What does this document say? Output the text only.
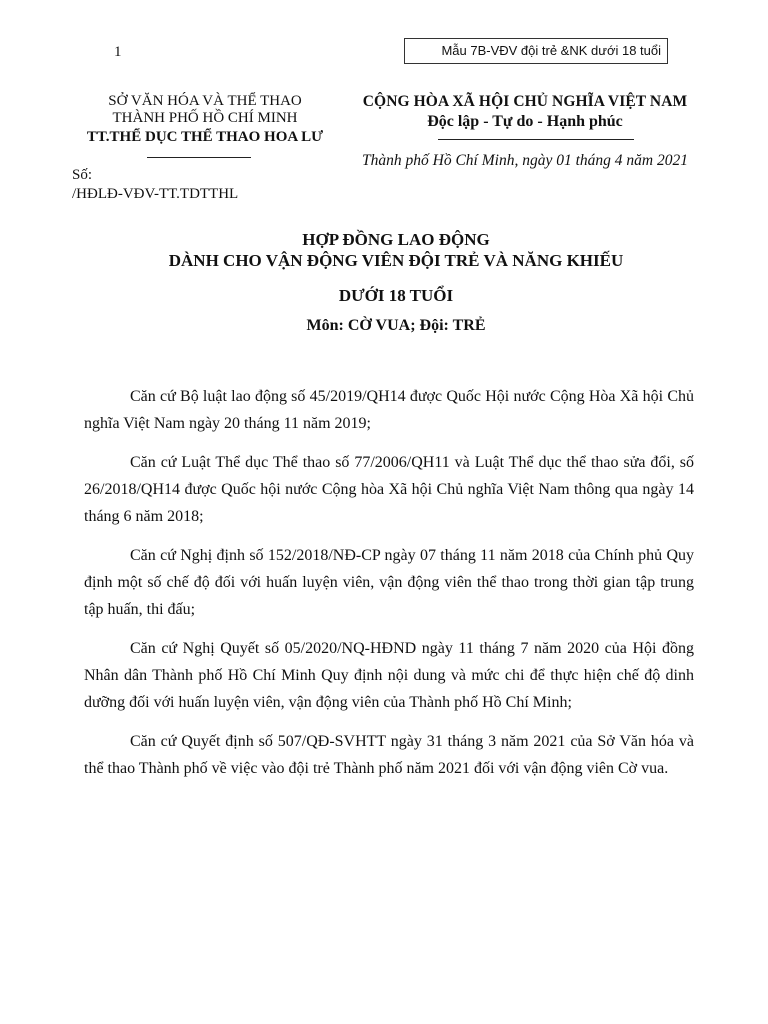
1	Mẫu 7B-VĐV đội trẻ &NK dưới 18 tuổi
SỞ VĂN HÓA VÀ THỂ THAO
THÀNH PHỐ HỒ CHÍ MINH
TT.THỂ DỤC THỂ THAO HOA LƯ
Số:
/HĐLĐ-VĐV-TT.TDTTHL
CỘNG HÒA XÃ HỘI CHỦ NGHĨA VIỆT NAM
Độc lập - Tự do - Hạnh phúc
Thành phố Hồ Chí Minh, ngày 01 tháng 4 năm 2021
HỢP ĐỒNG LAO ĐỘNG
DÀNH CHO VẬN ĐỘNG VIÊN ĐỘI TRẺ VÀ NĂNG KHIẾU
DƯỚI 18 TUỔI
Môn: CỜ VUA; Đội: TRẺ

Căn cứ Bộ luật lao động số 45/2019/QH14 được Quốc Hội nước Cộng Hòa Xã hội Chủ nghĩa Việt Nam ngày 20 tháng 11 năm 2019;

Căn cứ Luật Thể dục Thể thao số 77/2006/QH11 và Luật Thể dục thể thao sửa đổi, số 26/2018/QH14 được Quốc hội nước Cộng hòa Xã hội Chủ nghĩa Việt Nam thông qua ngày 14 tháng 6 năm 2018;

Căn cứ Nghị định số 152/2018/NĐ-CP ngày 07 tháng 11 năm 2018 của Chính phủ Quy định một số chế độ đối với huấn luyện viên, vận động viên thể thao trong thời gian tập trung tập huấn, thi đấu;

Căn cứ Nghị Quyết số 05/2020/NQ-HĐND ngày 11 tháng 7 năm 2020 của Hội đồng Nhân dân Thành phố Hồ Chí Minh Quy định nội dung và mức chi để thực hiện chế độ dinh dưỡng đối với huấn luyện viên, vận động viên của Thành phố Hồ Chí Minh;

Căn cứ Quyết định số 507/QĐ-SVHTT ngày 31 tháng 3 năm 2021 của Sở Văn hóa và thể thao Thành phố về việc vào đội trẻ Thành phố năm 2021 đối với vận động viên Cờ vua.
